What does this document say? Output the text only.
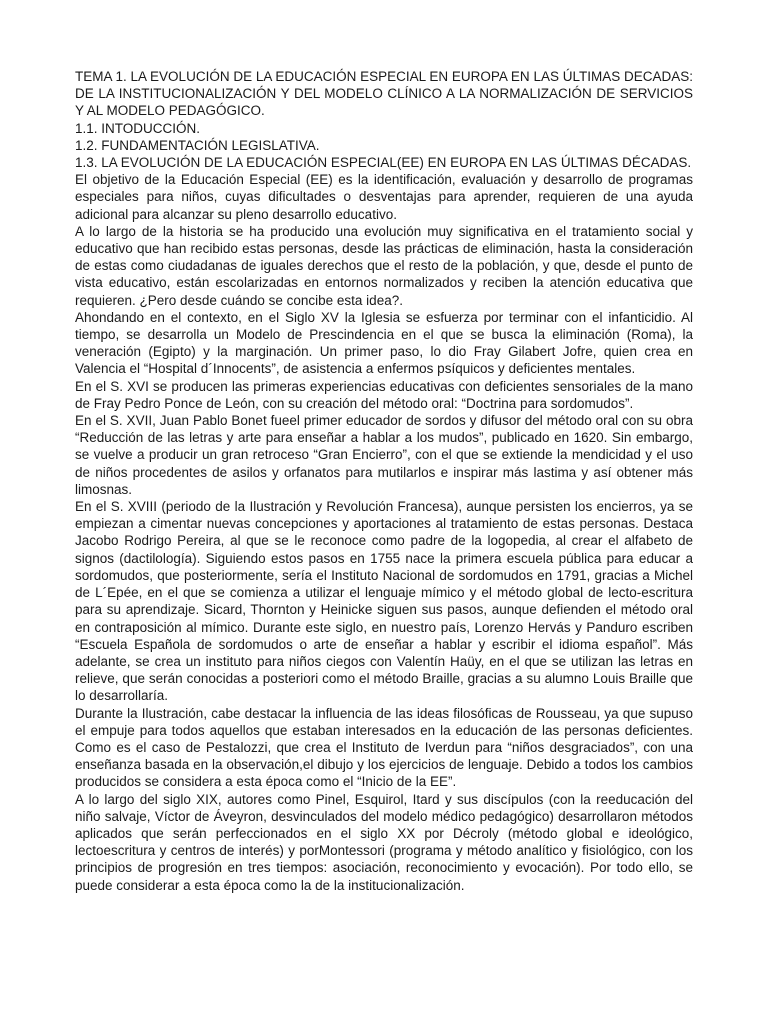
TEMA 1. LA EVOLUCIÓN DE LA EDUCACIÓN ESPECIAL EN EUROPA EN LAS ÚLTIMAS DECADAS: DE LA INSTITUCIONALIZACIÓN Y DEL MODELO CLÍNICO A LA NORMALIZACIÓN DE SERVICIOS Y AL MODELO PEDAGÓGICO.

1.1. INTODUCCIÓN.

1.2. FUNDAMENTACIÓN LEGISLATIVA.

1.3. LA EVOLUCIÓN DE LA EDUCACIÓN ESPECIAL(EE) EN EUROPA EN LAS ÚLTIMAS DÉCADAS.

El objetivo de la Educación Especial (EE) es la identificación, evaluación y desarrollo de programas especiales para niños, cuyas dificultades o desventajas para aprender, requieren de una ayuda adicional para alcanzar su pleno desarrollo educativo.

A lo largo de la historia se ha producido una evolución muy significativa en el tratamiento social y educativo que han recibido estas personas, desde las prácticas de eliminación, hasta la consideración de estas como ciudadanas de iguales derechos que el resto de la población, y que, desde el punto de vista educativo, están escolarizadas en entornos normalizados y reciben la atención educativa que requieren. ¿Pero desde cuándo se concibe esta idea?.

Ahondando en el contexto, en el Siglo XV la Iglesia se esfuerza por terminar con el infanticidio. Al tiempo, se desarrolla un Modelo de Prescindencia en el que se busca la eliminación (Roma), la veneración (Egipto) y la marginación. Un primer paso, lo dio Fray Gilabert Jofre, quien crea en Valencia el “Hospital d´Innocents”, de asistencia a enfermos psíquicos y deficientes mentales.

En el S. XVI se producen las primeras experiencias educativas con deficientes sensoriales de la mano de Fray Pedro Ponce de León, con su creación del método oral: “Doctrina para sordomudos”.

En el S. XVII, Juan Pablo Bonet fueel primer educador de sordos y difusor del método oral con su obra “Reducción de las letras y arte para enseñar a hablar a los mudos”, publicado en 1620. Sin embargo, se vuelve a producir un gran retroceso “Gran Encierro”, con el que se extiende la mendicidad y el uso de niños procedentes de asilos y orfanatos para mutilarlos e inspirar más lastima y así obtener más limosnas.

En el S. XVIII (periodo de la Ilustración y Revolución Francesa), aunque persisten los encierros, ya se empiezan a cimentar nuevas concepciones y aportaciones al tratamiento de estas personas. Destaca Jacobo Rodrigo Pereira, al que se le reconoce como padre de la logopedia, al crear el alfabeto de signos (dactilología). Siguiendo estos pasos en 1755 nace la primera escuela pública para educar a sordomudos, que posteriormente, sería el Instituto Nacional de sordomudos en 1791, gracias a Michel de L´Epée, en el que se comienza a utilizar el lenguaje mímico y el método global de lecto-escritura para su aprendizaje. Sicard, Thornton y Heinicke siguen sus pasos, aunque defienden el método oral en contraposición al mímico. Durante este siglo, en nuestro país, Lorenzo Hervás y Panduro escriben “Escuela Española de sordomudos o arte de enseñar a hablar y escribir el idioma español”. Más adelante, se crea un instituto para niños ciegos con Valentín Haüy, en el que se utilizan las letras en relieve, que serán conocidas a posteriori como el método Braille, gracias a su alumno Louis Braille que lo desarrollaría.

Durante la Ilustración, cabe destacar la influencia de las ideas filosóficas de Rousseau, ya que supuso el empuje para todos aquellos que estaban interesados en la educación de las personas deficientes. Como es el caso de Pestalozzi, que crea el Instituto de Iverdun para “niños desgraciados”, con una enseñanza basada en la observación,el dibujo y los ejercicios de lenguaje. Debido a todos los cambios producidos se considera a esta época como el “Inicio de la EE”.

A lo largo del siglo XIX, autores como Pinel, Esquirol, Itard y sus discípulos (con la reeducación del niño salvaje, Víctor de Áveyron, desvinculados del modelo médico pedagógico) desarrollaron métodos aplicados que serán perfeccionados en el siglo XX por Décroly (método global e ideológico, lectoescritura y centros de interés) y porMontessori (programa y método analítico y fisiológico, con los principios de progresión en tres tiempos: asociación, reconocimiento y evocación). Por todo ello, se puede considerar a esta época como la de la institucionalización.
